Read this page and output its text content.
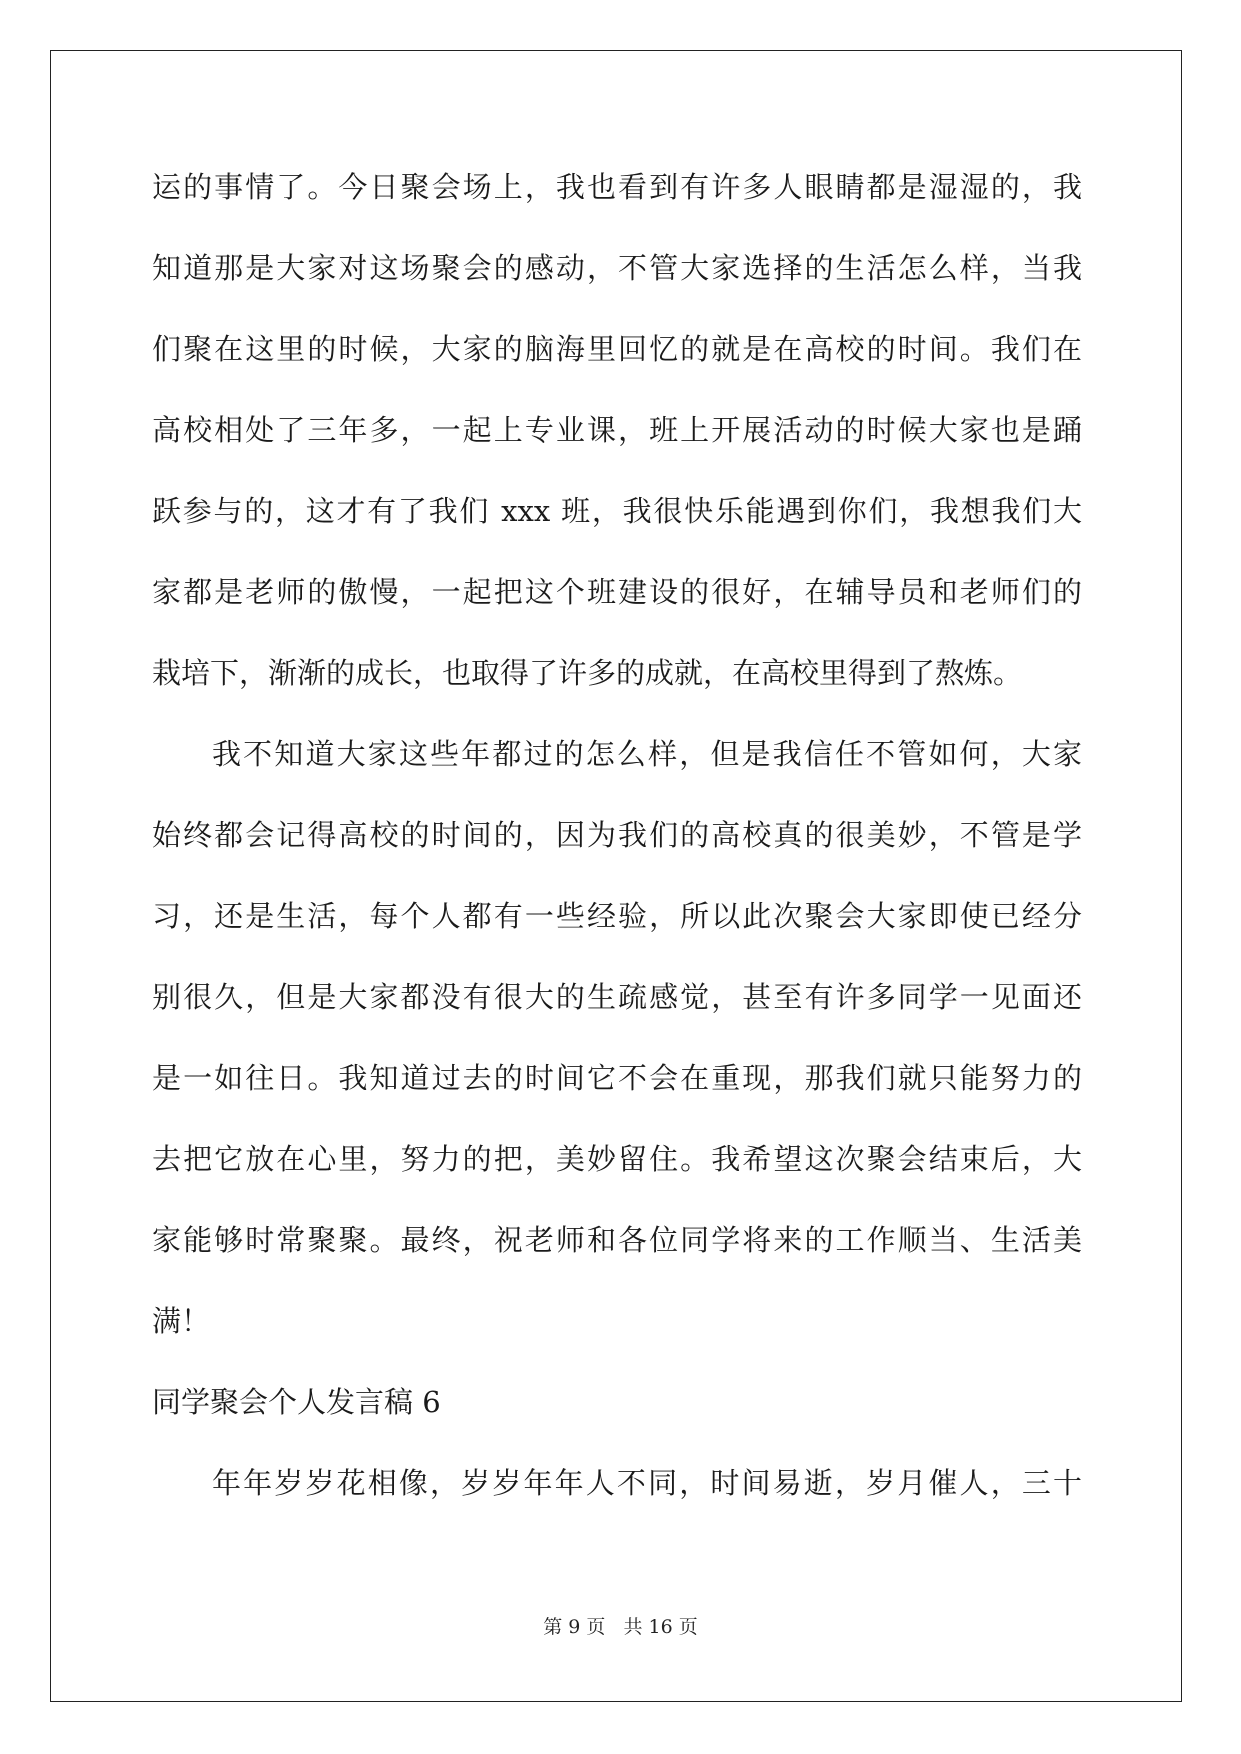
运的事情了。今日聚会场上，我也看到有许多人眼睛都是湿湿的，我
知道那是大家对这场聚会的感动，不管大家选择的生活怎么样，当我
们聚在这里的时候，大家的脑海里回忆的就是在高校的时间。我们在
高校相处了三年多，一起上专业课，班上开展活动的时候大家也是踊
跃参与的，这才有了我们 xxx 班，我很快乐能遇到你们，我想我们大
家都是老师的傲慢，一起把这个班建设的很好，在辅导员和老师们的
栽培下，渐渐的成长，也取得了许多的成就，在高校里得到了熬炼。
我不知道大家这些年都过的怎么样，但是我信任不管如何，大家
始终都会记得高校的时间的，因为我们的高校真的很美妙，不管是学
习，还是生活，每个人都有一些经验，所以此次聚会大家即使已经分
别很久，但是大家都没有很大的生疏感觉，甚至有许多同学一见面还
是一如往日。我知道过去的时间它不会在重现，那我们就只能努力的
去把它放在心里，努力的把，美妙留住。我希望这次聚会结束后，大
家能够时常聚聚。最终，祝老师和各位同学将来的工作顺当、生活美
满！
同学聚会个人发言稿 6
年年岁岁花相像，岁岁年年人不同，时间易逝，岁月催人，三十
第 9 页 共 16 页
